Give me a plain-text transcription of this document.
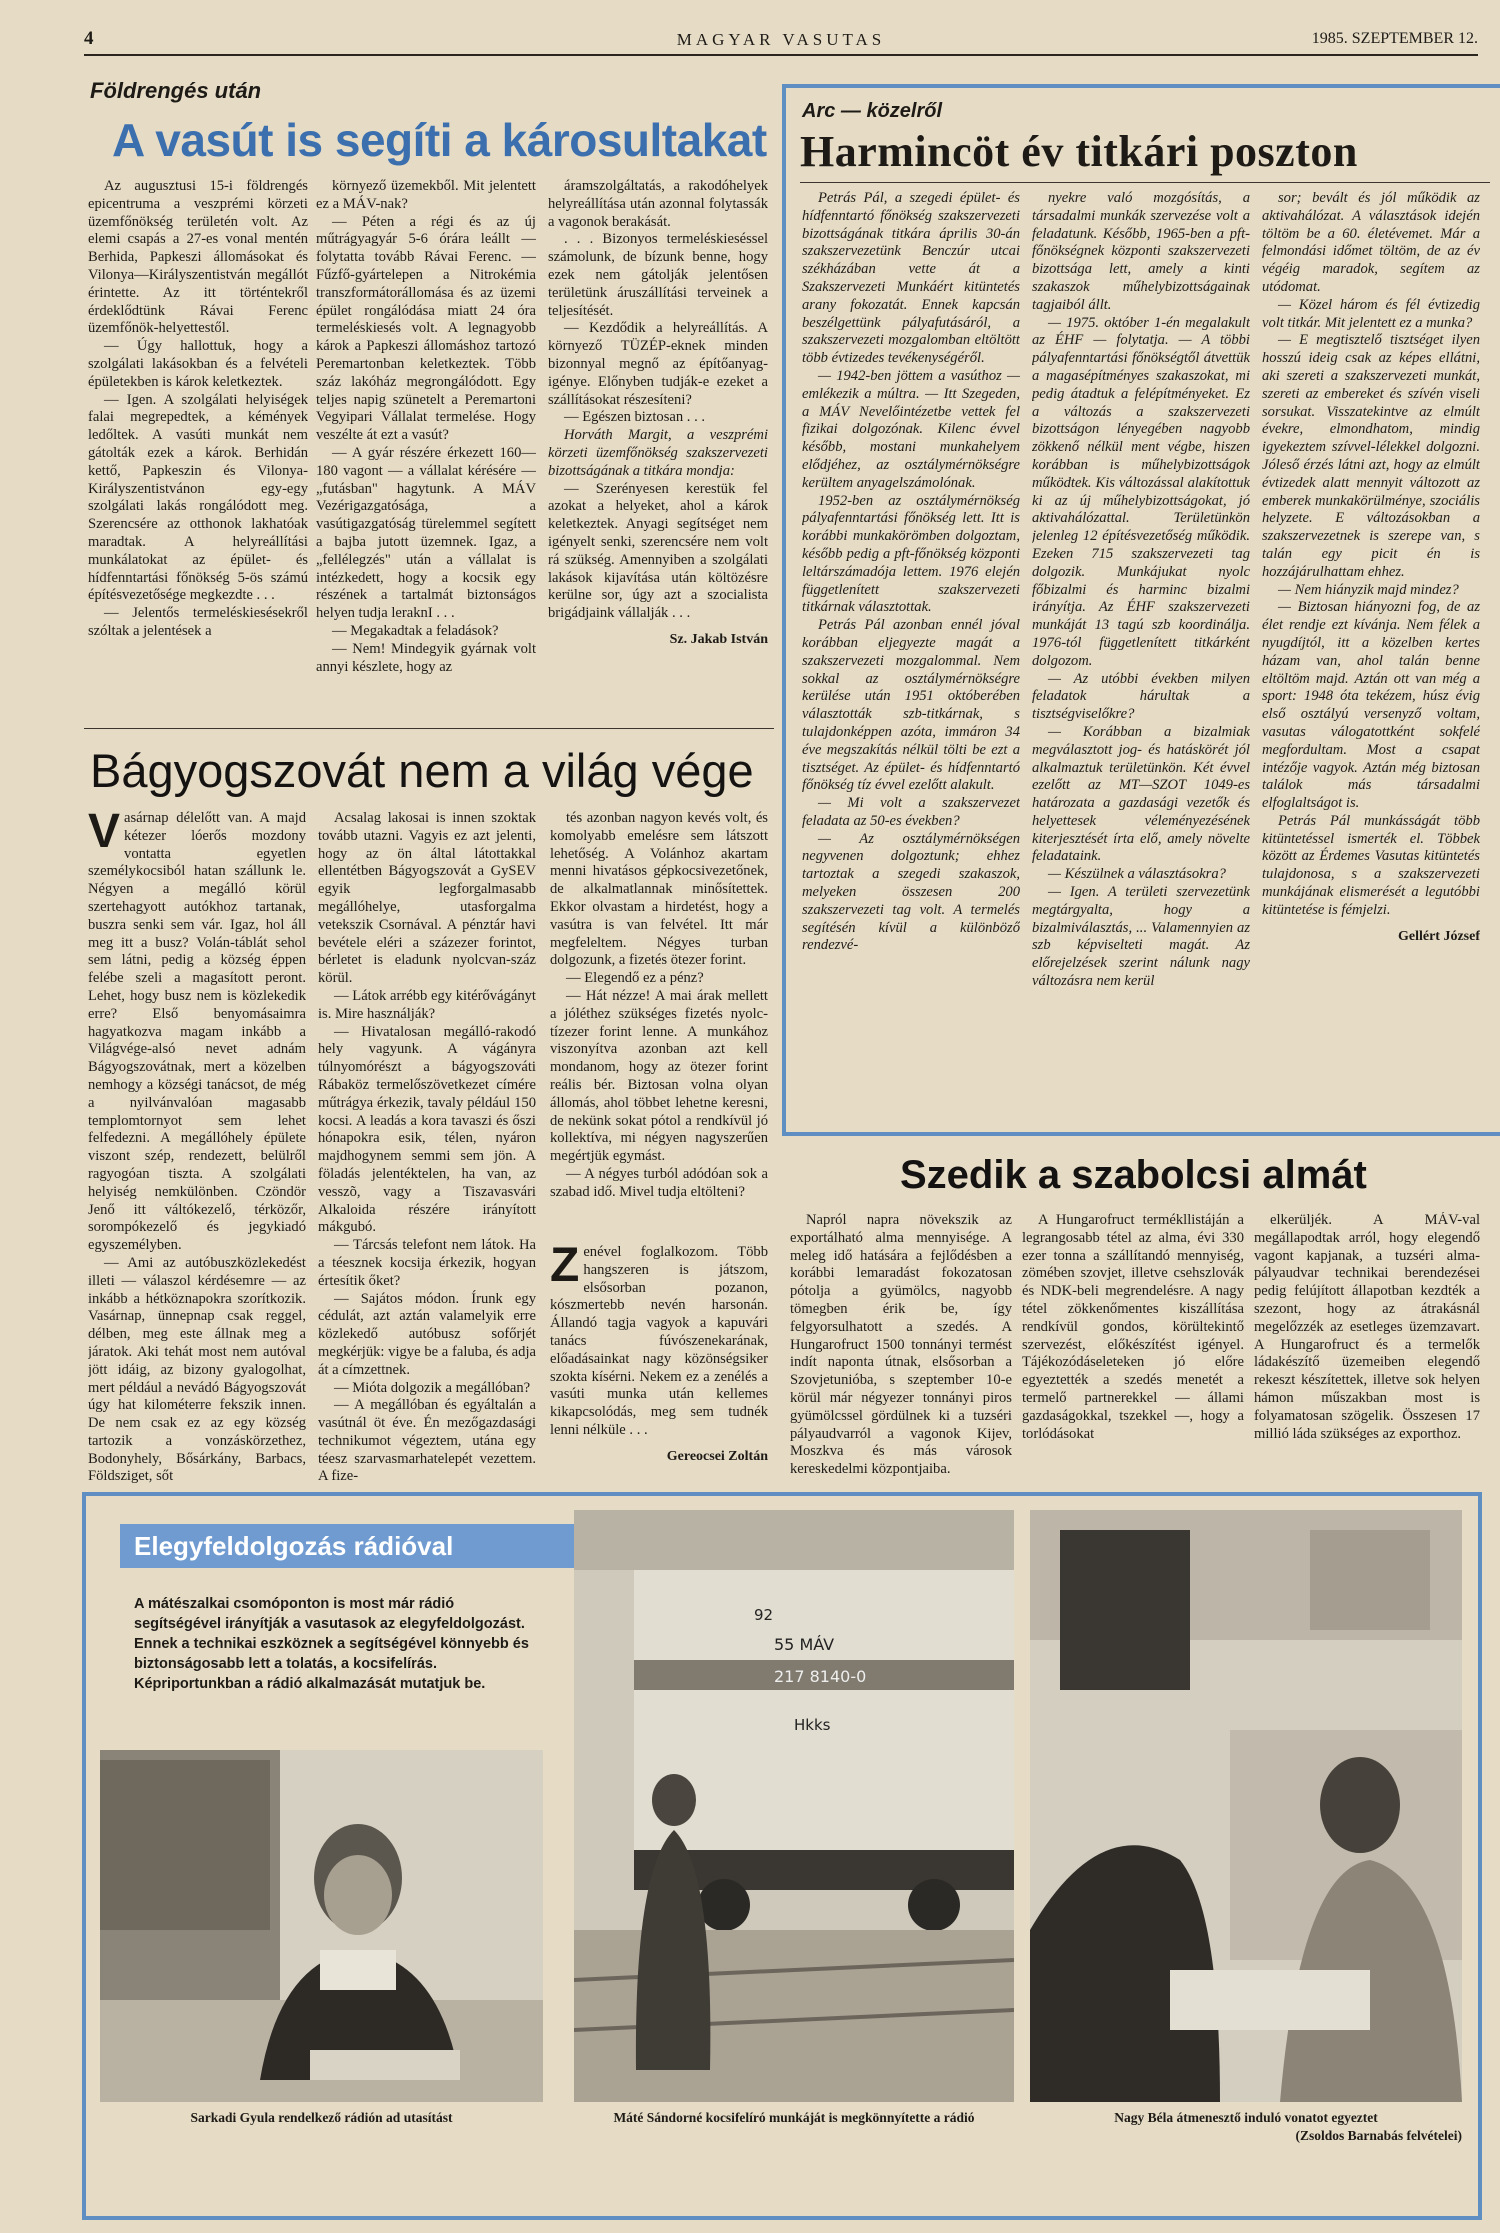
4	MAGYAR VASUTAS	1985. SZEPTEMBER 12.
Földrengés után
A vasút is segíti a károsultakat

Az augusztusi 15-i földrengés epicentruma a veszprémi körzeti üzemfőnökség területén volt. Az elemi csapás a 27-es vonal mentén Berhida, Papkeszi állomásokat és Vilonya—Királyszentistván megállót érintette. Az itt történtekről érdeklődtünk Rávai Ferenc üzemfőnök-helyettestől.

— Úgy hallottuk, hogy a szolgálati lakásokban és a felvételi épületekben is károk keletkeztek.

— Igen. A szolgálati helyiségek falai megrepedtek, a kémények ledőltek. A vasúti munkát nem gátolták ezek a károk. Berhidán kettő, Papkeszin és Vilonya-Királyszentistvánon egy-egy szolgálati lakás rongálódott meg. Szerencsére az otthonok lakhatóak maradtak. A helyreállítási munkálatokat az épület- és hídfenntartási főnökség 5-ös számú építésvezetősége megkezdte . . .

— Jelentős termeléskiesésekről szóltak a jelentések a

környező üzemekből. Mit jelentett ez a MÁV-nak?

— Péten a régi és az új műtrágyagyár 5-6 órára leállt — folytatta tovább Rávai Ferenc. — Fűzfő-gyártelepen a Nitrokémia transzformátorállomása és az üzemi épület rongálódása miatt 24 óra termeléskiesés volt. A legnagyobb károk a Papkeszi állomáshoz tartozó Peremartonban keletkeztek. Több száz lakóház megrongálódott. Egy teljes napig szünetelt a Peremartoni Vegyipari Vállalat termelése. Hogy veszélte át ezt a vasút?

— A gyár részére érkezett 160—180 vagont — a vállalat kérésére — „futásban" hagytunk. A MÁV Vezérigazgatósága, a vasútigazgatóság türelemmel segített a bajba jutott üzemnek. Igaz, a „fellélegzés" után a vállalat is intézkedett, hogy a kocsik egy részének a tartalmát biztonságos helyen tudja leraknI . . .

— Megakadtak a feladások?

— Nem! Mindegyik gyárnak volt annyi készlete, hogy az

áramszolgáltatás, a rakodóhelyek helyreállítása után azonnal folytassák a vagonok berakását.

. . . Bizonyos termeléskieséssel számolunk, de bízunk benne, hogy ezek nem gátolják jelentősen területünk áruszállítási terveinek a teljesítését.

— Kezdődik a helyreállítás. A környező TÜZÉP-eknek minden bizonnyal megnő az építőanyag-igénye. Előnyben tudják-e ezeket a szállításokat részesíteni?

— Egészen biztosan . . .

Horváth Margit, a veszprémi körzeti üzemfőnökség szakszervezeti bizottságának a titkára mondja:

— Szerényesen kerestük fel azokat a helyeket, ahol a károk keletkeztek. Anyagi segítséget nem igényelt senki, szerencsére nem volt rá szükség. Amennyiben a szolgálati lakások kijavítása után költözésre kerülne sor, úgy azt a szocialista brigádjaink vállalják . . .

Sz. Jakab István
Arc — közelről
Harmincöt év titkári poszton

Petrás Pál, a szegedi épület- és hídfenntartó főnökség szakszervezeti bizottságának titkára április 30-án szakszervezetünk Benczúr utcai székházában vette át a Szakszervezeti Munkáért kitüntetés arany fokozatát. Ennek kapcsán beszélgettünk pályafutásáról, a szakszervezeti mozgalomban eltöltött több évtizedes tevékenységéről.

— 1942-ben jöttem a vasúthoz — emlékezik a múltra. — Itt Szegeden, a MÁV Nevelőintézetbe vettek fel fizikai dolgozónak. Kilenc évvel később, mostani munkahelyem elődjéhez, az osztálymérnökségre kerültem anyagelszámolónak.

1952-ben az osztálymérnökség pályafenntartási főnökség lett. Itt is korábbi munkakörömben dolgoztam, később pedig a pft-főnökség központi leltárszámadója lettem. 1976 elején függetlenített szakszervezeti titkárnak választottak.

Petrás Pál azonban ennél jóval korábban eljegyezte magát a szakszervezeti mozgalommal. Nem sokkal az osztálymérnökségre kerülése után 1951 októberében választották szb-titkárnak, s tulajdonképpen azóta, immáron 34 éve megszakítás nélkül tölti be ezt a tisztséget. Az épület- és hídfenntartó főnökség tíz évvel ezelőtt alakult.

— Mi volt a szakszervezet feladata az 50-es években?

— Az osztálymérnökségen negyvenen dolgoztunk; ehhez tartoztak a szegedi szakaszok, melyeken összesen 200 szakszervezeti tag volt. A termelés segítésén kívül a különböző rendezvé-

nyekre való mozgósítás, a társadalmi munkák szervezése volt a feladatunk. Később, 1965-ben a pft-főnökségnek központi szakszervezeti bizottsága lett, amely a kinti szakaszok műhelybizottságainak tagjaiból állt.

— 1975. október 1-én megalakult az ÉHF — folytatja. — A többi pályafenntartási főnökségtől átvettük a magasépítményes szakaszokat, mi pedig átadtuk a felépítményeket. Ez a változás a szakszervezeti bizottságon lényegében nagyobb zökkenő nélkül ment végbe, hiszen korábban is műhelybizottságok működtek. Kis változással alakítottuk ki az új műhelybizottságokat, jó aktivahálózattal. Területünkön jelenleg 12 építésvezetőség működik. Ezeken 715 szakszervezeti tag dolgozik. Munkájukat nyolc főbizalmi és harminc bizalmi irányítja. Az ÉHF szakszervezeti munkáját 13 tagú szb koordinálja. 1976-tól függetlenített titkárként dolgozom.

— Az utóbbi években milyen feladatok hárultak a tisztségviselőkre?

— Korábban a bizalmiak megválasztott jog- és hatáskörét jól alkalmaztuk területünkön. Két évvel ezelőtt az MT—SZOT 1049-es határozata a gazdasági vezetők és helyettesek véleményezésének kiterjesztését írta elő, amely növelte feladataink.

— Készülnek a választásokra?

— Igen. A területi szervezetünk megtárgyalta, hogy a bizalmiválasztás, ... Valamennyien az szb képviselteti magát. Az előrejelzések szerint nálunk nagy változásra nem kerül

sor; bevált és jól működik az aktivahálózat. A választások idején töltöm be a 60. életévemet. Már a felmondási időmet töltöm, de az év végéig maradok, segítem az utódomat.

— Közel három és fél évtizedig volt titkár. Mit jelentett ez a munka?

— E megtisztelő tisztséget ilyen hosszú ideig csak az képes ellátni, aki szereti a szakszervezeti munkát, szereti az embereket és szívén viseli sorsukat. Visszatekintve az elmúlt évekre, elmondhatom, mindig igyekeztem szívvel-lélekkel dolgozni. Jóleső érzés látni azt, hogy az elmúlt évtizedek alatt mennyit változott az emberek munkakörülménye, szociális helyzete. E változásokban a szakszervezetnek is szerepe van, s talán egy picit én is hozzájárulhattam ehhez.

— Nem hiányzik majd mindez?

— Biztosan hiányozni fog, de az élet rendje ezt kívánja. Nem félek a nyugdíjtól, itt a közelben kertes házam van, ahol talán benne eltöltöm majd. Aztán ott van még a sport: 1948 óta tekézem, húsz évig első osztályú versenyző voltam, vasutas válogatottként sokfelé megfordultam. Most a csapat intézője vagyok. Aztán még biztosan találok más társadalmi elfoglaltságot is.

Petrás Pál munkásságát több kitüntetéssel ismerték el. Többek között az Érdemes Vasutas kitüntetés tulajdonosa, s a szakszervezeti munkájának elismerését a legutóbbi kitüntetése is fémjelzi.

Gellért József
Bágyogszovát nem a világ vége
V asárnap délelőtt van. A majd kétezer lóerős mozdony vontatta egyetlen személykocsiból hatan szállunk le. Négyen a megálló körül szertehagyott autókhoz tartanak, buszra senki sem vár. Igaz, hol áll meg itt a busz? Volán-táblát sehol sem látni, pedig a község éppen felébe szeli a magasított peront. Lehet, hogy busz nem is közlekedik erre? Első benyomásaimra hagyatkozva magam inkább a Világvége-alsó nevet adnám Bágyogszovátnak, mert a közelben nemhogy a községi tanácsot, de még a nyilvánvalóan magasabb templomtornyot sem lehet felfedezni. A megállóhely épülete viszont szép, rendezett, belülről ragyogóan tiszta. A szolgálati helyiség nemkülönben. Czöndör Jenő itt váltókezelő, térközőr, sorompókezelő és jegykiadó egyszemélyben.

— Ami az autóbuszközlekedést illeti — válaszol kérdésemre — az inkább a hétköznapokra szorítkozik. Vasárnap, ünnepnap csak reggel, délben, meg este állnak meg a járatok. Aki tehát most nem autóval jött idáig, az bizony gyalogolhat, mert például a nevádó Bágyogszovát úgy hat kilométerre fekszik innen. De nem csak ez az egy község tartozik a vonzáskörzethez, Bodonyhely, Bősárkány, Barbacs, Földsziget, sőt

Acsalag lakosai is innen szoktak tovább utazni. Vagyis ez azt jelenti, hogy az ön által látottakkal ellentétben Bágyogszovát a GySEV egyik legforgalmasabb megállóhelye, utasforgalma vetekszik Csornával. A pénztár havi bevétele eléri a százezer forintot, bérletet is eladunk nyolcvan-száz körül.

— Látok arrébb egy kitérővágányt is. Mire használják?

— Hivatalosan megálló-rakodó hely vagyunk. A vágányra túlnyomórészt a bágyogszováti Rábaköz termelőszövetkezet címére műtrágya érkezik, tavaly például 150 kocsi. A leadás a kora tavaszi és őszi hónapokra esik, télen, nyáron majdhogynem semmi sem jön. A föladás jelentéktelen, ha van, az vesszõ, vagy a Tiszavasvári Alkaloida részére irányított mákgubó.

— Tárcsás telefont nem látok. Ha a téesznek kocsija érkezik, hogyan értesítik őket?

— Sajátos módon. Írunk egy cédulát, azt aztán valamelyik erre közlekedő autóbusz sofőrjét megkérjük: vigye be a faluba, és adja át a címzettnek.

— Mióta dolgozik a megállóban?

— A megállóban és egyáltalán a vasútnál öt éve. Én mezőgazdasági technikumot végeztem, utána egy téesz szarvasmarhatelepét vezettem. A fize-

tés azonban nagyon kevés volt, és komolyabb emelésre sem látszott lehetőség. A Volánhoz akartam menni hivatásos gépkocsivezetőnek, de alkalmatlannak minősítettek. Ekkor olvastam a hirdetést, hogy a vasútra is van felvétel. Itt már megfeleltem. Négyes turban dolgozunk, a fizetés ötezer forint.

— Elegendő ez a pénz?

— Hát nézze! A mai árak mellett a jóléthez szükséges fizetés nyolc-tízezer forint lenne. A munkához viszonyítva azonban azt kell mondanom, hogy az ötezer forint reális bér. Biztosan volna olyan állomás, ahol többet lehetne keresni, de nekünk sokat pótol a rendkívül jó kollektíva, mi négyen nagyszerűen megértjük egymást.

— A négyes turból adódóan sok a szabad idő. Mivel tudja eltölteni?

Z enével foglalkozom. Több hangszeren is játszom, elsősorban pozanon, kószmertebb nevén harsonán. Állandó tagja vagyok a kapuvári tanács fúvószenekarának, előadásainkat nagy közönségsiker szokta kísérni. Nekem ez a zenélés a vasúti munka után kellemes kikapcsolódás, meg sem tudnék lenni nélküle . . .

Gereocsei Zoltán
Szedik a szabolcsi almát

Napról napra növekszik az exportálható alma mennyisége. A meleg idő hatására a fejlődésben a korábbi lemaradást fokozatosan pótolja a gyümölcs, nagyobb tömegben érik be, így felgyorsulhatott a szedés. A Hungarofruct 1500 tonnányi termést indít naponta útnak, elsősorban a Szovjetunióba, s szeptember 10-e körül már négyezer tonnányi piros gyümölcssel gördülnek ki a tuzséri pályaudvarról a vagonok Kijev, Moszkva és más városok kereskedelmi központjaiba.

A Hungarofruct termékllistáján a legrangosabb tétel az alma, évi 330 ezer tonna a szállítandó mennyiség, zömében szovjet, illetve csehszlovák és NDK-beli megrendelésre. A nagy tétel zökkenőmentes kiszállítása rendkívül gondos, körültekintő szervezést, előkészítést igényel. Tájékozódáseleteken jó előre egyeztették a szedés menetét a termelő partnerekkel — állami gazdaságokkal, tszekkel —, hogy a torlódásokat

elkerüljék. A MÁV-val megállapodtak arról, hogy elegendő vagont kapjanak, a tuzséri almapályaudvar technikai berendezései pedig felújított állapotban kezdték a szezont, hogy az átrakásnál megelőzzék az esetleges üzemzavart. A Hungarofruct és a termelők ládakészítő üzemeiben elegendő rekeszt készítettek, illetve sok helyen hámon műszakban most is folyamatosan szögelik. Összesen 17 millió láda szükséges az exporthoz.

Elegyfeldolgozás rádióval
A mátészalkai csomóponton is most már rádió segítségével irányítják a vasutasok az elegyfeldolgozást. Ennek a technikai eszköznek a segítségével könnyebb és biztonságosabb lett a tolatás, a kocsifelírás. Képriportunkban a rádió alkalmazását mutatjuk be.
Sarkadi Gyula rendelkező rádión ad utasítást
55 MÁV
217 8140-0
Hkks
92
Máté Sándorné kocsifelíró munkáját is megkönnyítette a rádió	Nagy Béla átmenesztő induló vonatot egyeztet
(Zsoldos Barnabás felvételei)
